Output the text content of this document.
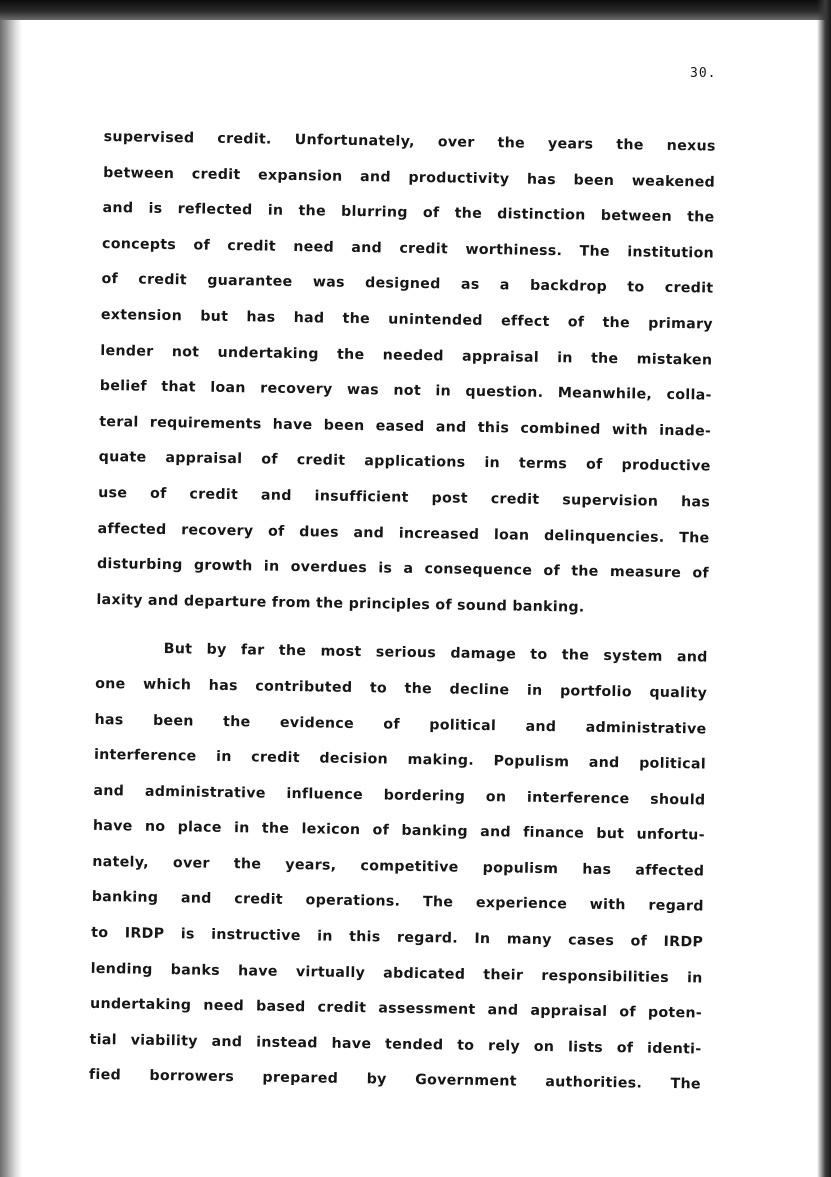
30.
supervised credit. Unfortunately, over the years the nexus
between credit expansion and productivity has been weakened
and is reflected in the blurring of the distinction between the
concepts of credit need and credit worthiness. The institution
of credit guarantee was designed as a backdrop to credit
extension but has had the unintended effect of the primary
lender not undertaking the needed appraisal in the mistaken
belief that loan recovery was not in question. Meanwhile, colla-
teral requirements have been eased and this combined with inade-
quate appraisal of credit applications in terms of productive
use of credit and insufficient post credit supervision has
affected recovery of dues and increased loan delinquencies. The
disturbing growth in overdues is a consequence of the measure of
laxity and departure from the principles of sound banking.
But by far the most serious damage to the system and
one which has contributed to the decline in portfolio quality
has been the evidence of political and administrative
interference in credit decision making. Populism and political
and administrative influence bordering on interference should
have no place in the lexicon of banking and finance but unfortu-
nately, over the years, competitive populism has affected
banking and credit operations. The experience with regard
to IRDP is instructive in this regard. In many cases of IRDP
lending banks have virtually abdicated their responsibilities in
undertaking need based credit assessment and appraisal of poten-
tial viability and instead have tended to rely on lists of identi-
fied borrowers prepared by Government authorities. The
